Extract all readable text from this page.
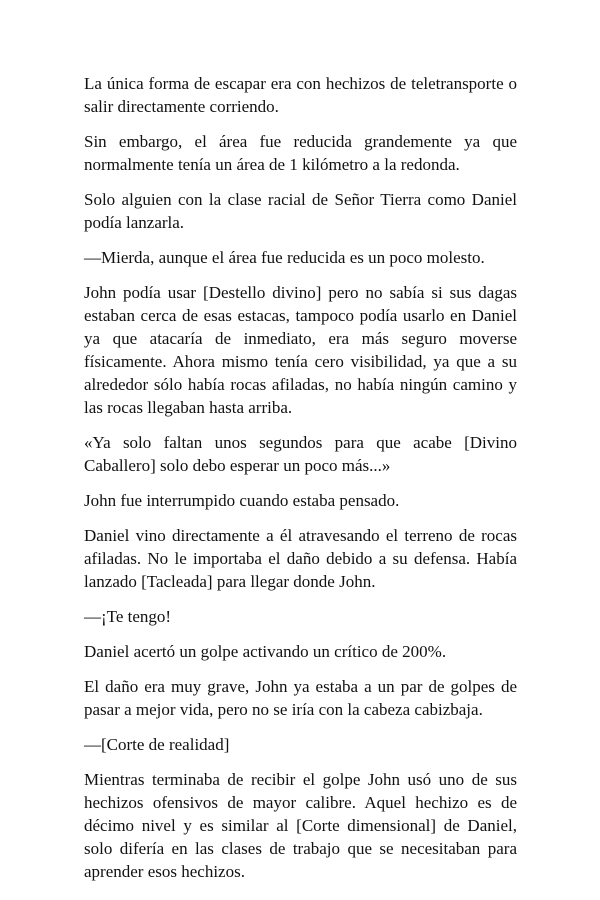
La única forma de escapar era con hechizos de teletransporte o salir directamente corriendo.

Sin embargo, el área fue reducida grandemente ya que normalmente tenía un área de 1 kilómetro a la redonda.

Solo alguien con la clase racial de Señor Tierra como Daniel podía lanzarla.

—Mierda, aunque el área fue reducida es un poco molesto.

John podía usar [Destello divino] pero no sabía si sus dagas estaban cerca de esas estacas, tampoco podía usarlo en Daniel ya que atacaría de inmediato, era más seguro moverse físicamente. Ahora mismo tenía cero visibilidad, ya que a su alrededor sólo había rocas afiladas, no había ningún camino y las rocas llegaban hasta arriba.

«Ya solo faltan unos segundos para que acabe [Divino Caballero] solo debo esperar un poco más...»

John fue interrumpido cuando estaba pensado.

Daniel vino directamente a él atravesando el terreno de rocas afiladas. No le importaba el daño debido a su defensa. Había lanzado [Tacleada] para llegar donde John.

—¡Te tengo!

Daniel acertó un golpe activando un crítico de 200%.

El daño era muy grave, John ya estaba a un par de golpes de pasar a mejor vida, pero no se iría con la cabeza cabizbaja.

—[Corte de realidad]

Mientras terminaba de recibir el golpe John usó uno de sus hechizos ofensivos de mayor calibre. Aquel hechizo es de décimo nivel y es similar al [Corte dimensional] de Daniel, solo difería en las clases de trabajo que se necesitaban para aprender esos hechizos.
